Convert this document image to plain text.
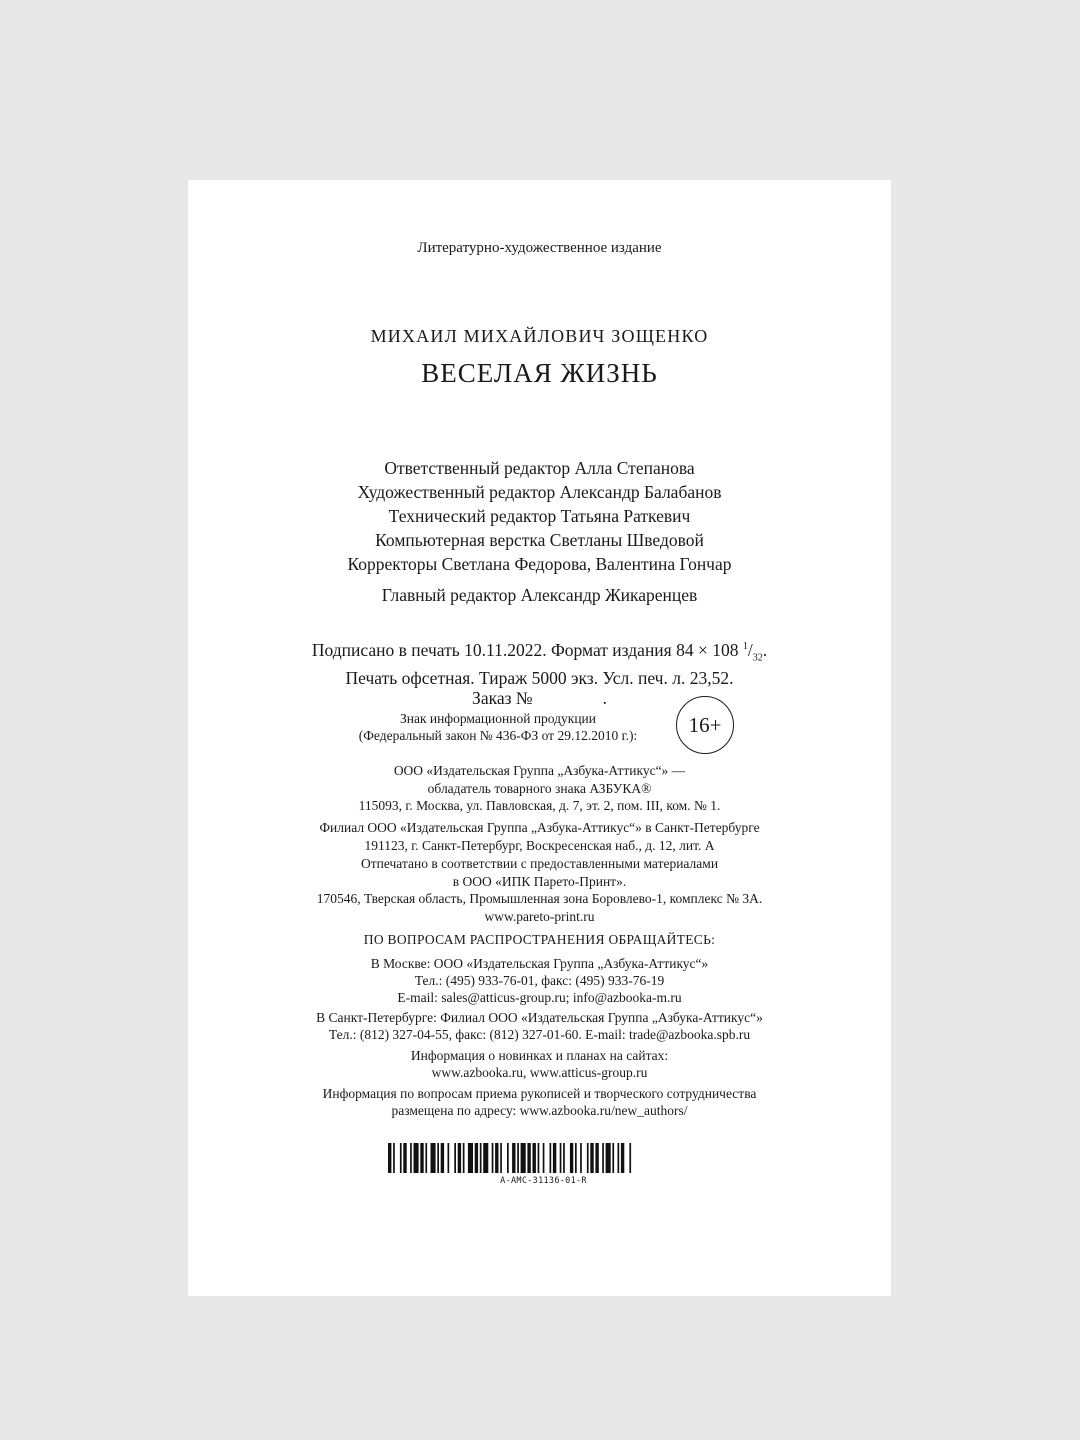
Литературно-художественное издание
МИХАИЛ МИХАЙЛОВИЧ ЗОЩЕНКО
ВЕСЕЛАЯ ЖИЗНЬ
Ответственный редактор Алла Степанова
Художественный редактор Александр Балабанов
Технический редактор Татьяна Раткевич
Компьютерная верстка Светланы Шведовой
Корректоры Светлана Федорова, Валентина Гончар
Главный редактор Александр Жикаренцев
Подписано в печать 10.11.2022. Формат издания 84 × 108 $^1/_{32}$.
Печать офсетная. Тираж 5000 экз. Усл. печ. л. 23,52.
Заказ №	.
Знак информационной продукции
(Федеральный закон № 436-ФЗ от 29.12.2010 г.):	16+
ООО «Издательская Группа „Азбука-Аттикус“» —
обладатель товарного знака АЗБУКА®
115093, г. Москва, ул. Павловская, д. 7, эт. 2, пом. III, ком. № 1.
Филиал ООО «Издательская Группа „Азбука-Аттикус“» в Санкт-Петербурге
191123, г. Санкт-Петербург, Воскресенская наб., д. 12, лит. А
Отпечатано в соответствии с предоставленными материалами
в ООО «ИПК Парето-Принт».
170546, Тверская область, Промышленная зона Боровлево-1, комплекс № 3А.
www.pareto-print.ru
ПО ВОПРОСАМ РАСПРОСТРАНЕНИЯ ОБРАЩАЙТЕСЬ:
В Москве: ООО «Издательская Группа „Азбука-Аттикус“»
Тел.: (495) 933-76-01, факс: (495) 933-76-19
E-mail: sales@atticus-group.ru; info@azbooka-m.ru
В Санкт-Петербурге: Филиал ООО «Издательская Группа „Азбука-Аттикус“»
Тел.: (812) 327-04-55, факс: (812) 327-01-60. E-mail: trade@azbooka.spb.ru
Информация о новинках и планах на сайтах:
www.azbooka.ru, www.atticus-group.ru
Информация по вопросам приема рукописей и творческого сотрудничества
размещена по адресу: www.azbooka.ru/new_authors/
A-AMC-31136-01-R
